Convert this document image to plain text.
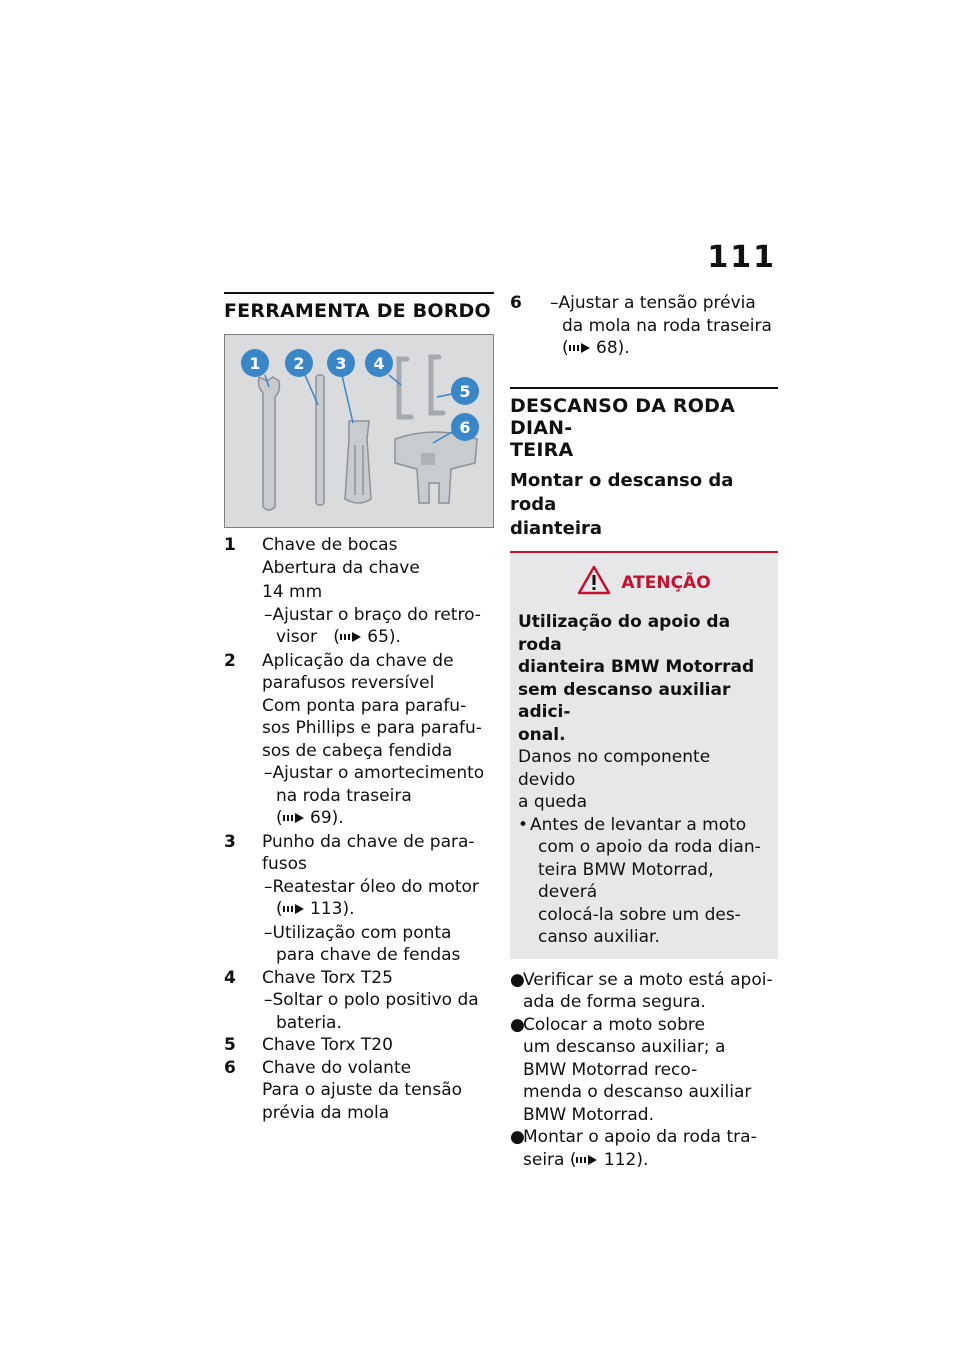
111
FERRAMENTA DE BORDO
1 2 3 4
5
6
1	Chave de bocas
Abertura da chave
14 mm
–Ajustar o braço do retro-
visor ( 65).
2	Aplicação da chave de
parafusos reversível
Com ponta para parafu-
sos Phillips e para parafu-
sos de cabeça fendida
–Ajustar o amortecimento
na roda traseira   ( 69).
3	Punho da chave de para-
fusos
–Reatestar óleo do motor
( 113).
–Utilização com ponta
para chave de fendas
4	Chave Torx T25
–Soltar o polo positivo da
bateria.
5	Chave Torx T20
6	Chave do volante
Para o ajuste da tensão
prévia da mola
6	–Ajustar a tensão prévia
da mola na roda traseira
( 68).
DESCANSO DA RODA DIAN-
TEIRA
Montar o descanso da roda
dianteira
ATENÇÃO
Utilização do apoio da roda
dianteira BMW Motorrad
sem descanso auxiliar adici-
onal.
Danos no componente devido
a queda
• Antes de levantar a moto
com o apoio da roda dian-
teira BMW Motorrad, deverá
colocá-la sobre um des-
canso auxiliar.
●
Verificar se a moto está apoi-
ada de forma segura.
●
Colocar a moto sobre
um descanso auxiliar; a
BMW Motorrad reco-
menda o descanso auxiliar
BMW Motorrad.
●
Montar o apoio da roda tra-
seira ( 112).
